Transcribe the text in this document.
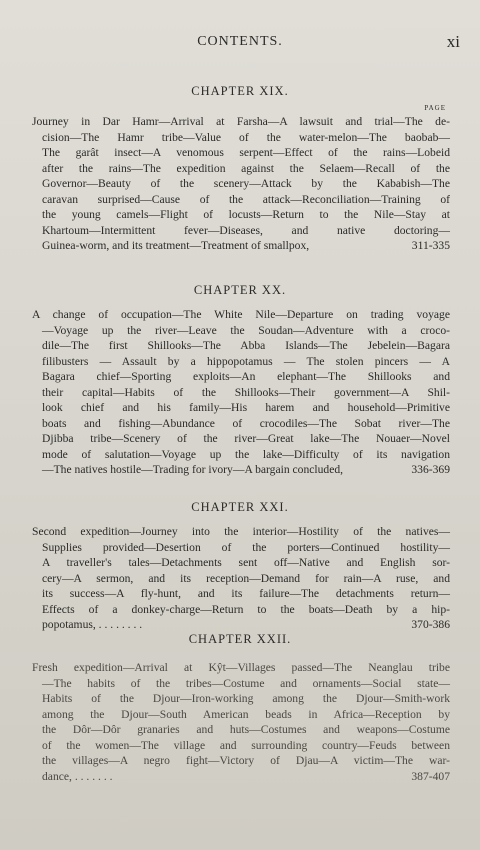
CONTENTS.	xi
CHAPTER XIX.
PAGE
Journey in Dar Hamr—Arrival at Farsha—A lawsuit and trial—The de-
cision—The Hamr tribe—Value of the water-melon—The baobab—
The garât insect—A venomous serpent—Effect of the rains—Lobeid
after the rains—The expedition against the Selaem—Recall of the
Governor—Beauty of the scenery—Attack by the Kababish—The
caravan surprised—Cause of the attack—Reconciliation—Training of
the young camels—Flight of locusts—Return to the Nile—Stay at
Khartoum—Intermittent fever—Diseases, and native doctoring—
Guinea-worm, and its treatment—Treatment of smallpox,	311-335
CHAPTER XX.
A change of occupation—The White Nile—Departure on trading voyage
—Voyage up the river—Leave the Soudan—Adventure with a croco-
dile—The first Shillooks—The Abba Islands—The Jebelein—Bagara
filibusters — Assault by a hippopotamus — The stolen pincers — A
Bagara chief—Sporting exploits—An elephant—The Shillooks and
their capital—Habits of the Shillooks—Their government—A Shil-
look chief and his family—His harem and household—Primitive
boats and fishing—Abundance of crocodiles—The Sobat river—The
Djibba tribe—Scenery of the river—Great lake—The Nouaer—Novel
mode of salutation—Voyage up the lake—Difficulty of its navigation
—The natives hostile—Trading for ivory—A bargain concluded,	336-369
CHAPTER XXI.
Second expedition—Journey into the interior—Hostility of the natives—
Supplies provided—Desertion of the porters—Continued hostility—
A traveller's tales—Detachments sent off—Native and English sor-
cery—A sermon, and its reception—Demand for rain—A ruse, and
its success—A fly-hunt, and its failure—The detachments return—
Effects of a donkey-charge—Return to the boats—Death by a hip-
popotamus, . . . . . . . .	370-386
CHAPTER XXII.
Fresh expedition—Arrival at Kŷt—Villages passed—The Neanglau tribe
—The habits of the tribes—Costume and ornaments—Social state—
Habits of the Djour—Iron-working among the Djour—Smith-work
among the Djour—South American beads in Africa—Reception by
the Dôr—Dôr granaries and huts—Costumes and weapons—Costume
of the women—The village and surrounding country—Feuds between
the villages—A negro fight—Victory of Djau—A victim—The war-
dance, . . . . . . .	387-407
